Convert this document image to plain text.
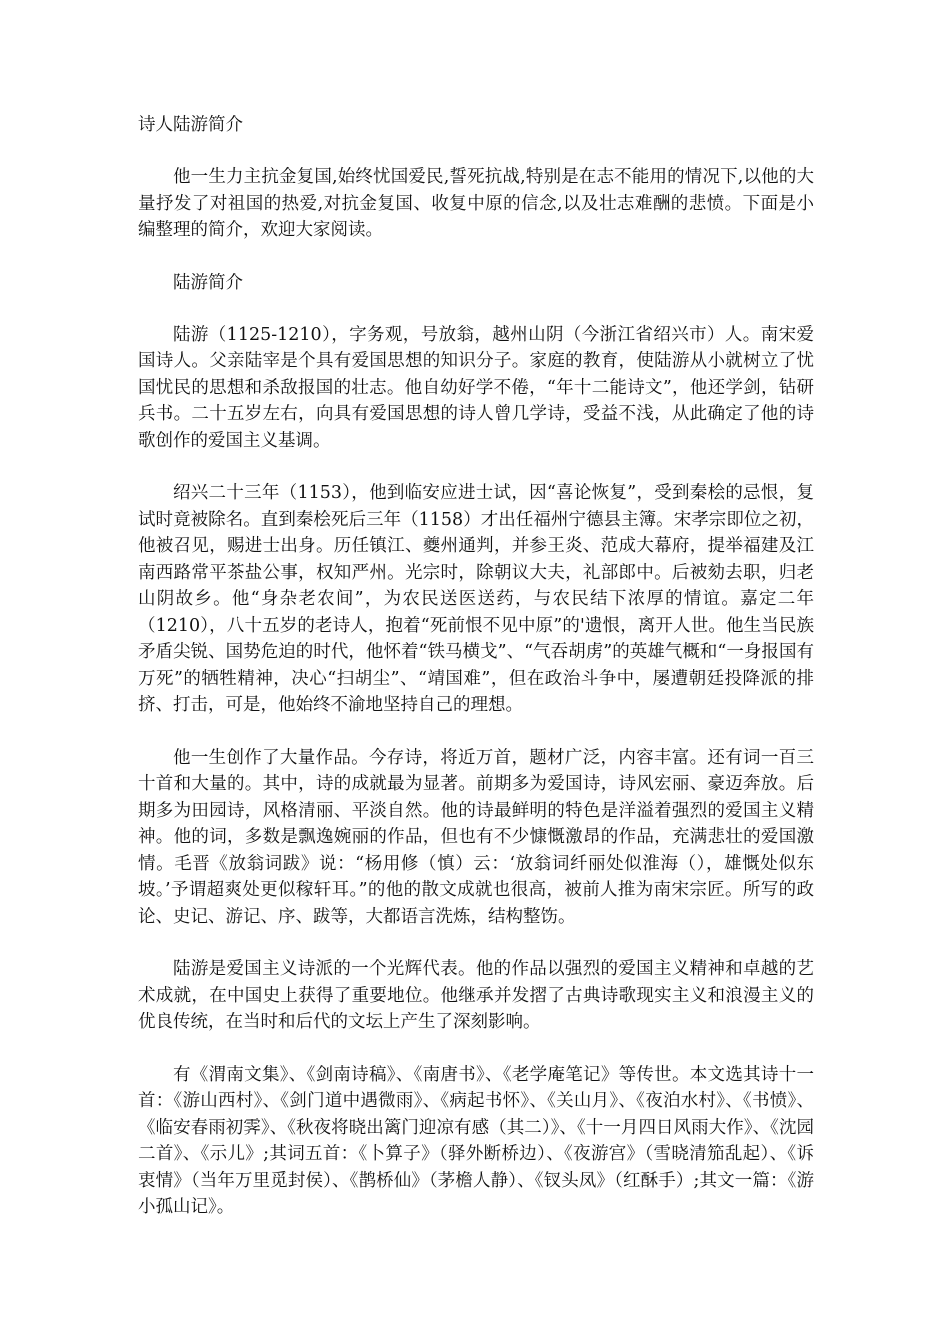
诗人陆游简介

他一生力主抗金复国,始终忧国爱民,誓死抗战,特别是在志不能用的情况下,以他的大量抒发了对祖国的热爱,对抗金复国、收复中原的信念,以及壮志难酬的悲愤。下面是小编整理的简介，欢迎大家阅读。

陆游简介

陆游（1125-1210），字务观，号放翁，越州山阴（今浙江省绍兴市）人。南宋爱国诗人。父亲陆宰是个具有爱国思想的知识分子。家庭的教育，使陆游从小就树立了忧国忧民的思想和杀敌报国的壮志。他自幼好学不倦，“年十二能诗文”，他还学剑，钻研兵书。二十五岁左右，向具有爱国思想的诗人曾几学诗，受益不浅，从此确定了他的诗歌创作的爱国主义基调。

绍兴二十三年（1153），他到临安应进士试，因“喜论恢复”，受到秦桧的忌恨，复试时竟被除名。直到秦桧死后三年（1158）才出任福州宁德县主簿。宋孝宗即位之初，他被召见，赐进士出身。历任镇江、夔州通判，并参王炎、范成大幕府，提举福建及江南西路常平茶盐公事，权知严州。光宗时，除朝议大夫，礼部郎中。后被劾去职，归老山阴故乡。他“身杂老农间”，为农民送医送药，与农民结下浓厚的情谊。嘉定二年（1210），八十五岁的老诗人，抱着“死前恨不见中原”的'遗恨，离开人世。他生当民族矛盾尖锐、国势危迫的时代，他怀着“铁马横戈”、“气吞胡虏”的英雄气概和“一身报国有万死”的牺牲精神，决心“扫胡尘”、“靖国难”，但在政治斗争中，屡遭朝廷投降派的排挤、打击，可是，他始终不渝地坚持自己的理想。

他一生创作了大量作品。今存诗，将近万首，题材广泛，内容丰富。还有词一百三十首和大量的。其中，诗的成就最为显著。前期多为爱国诗，诗风宏丽、豪迈奔放。后期多为田园诗，风格清丽、平淡自然。他的诗最鲜明的特色是洋溢着强烈的爱国主义精神。他的词，多数是飘逸婉丽的作品，但也有不少慷慨激昂的作品，充满悲壮的爱国激情。毛晋《放翁词跋》说：“杨用修（慎）云：‘放翁词纤丽处似淮海（），雄慨处似东坡。’予谓超爽处更似稼轩耳。”的他的散文成就也很高，被前人推为南宋宗匠。所写的政论、史记、游记、序、跋等，大都语言洗炼，结构整饬。

陆游是爱国主义诗派的一个光辉代表。他的作品以强烈的爱国主义精神和卓越的艺术成就，在中国史上获得了重要地位。他继承并发摺了古典诗歌现实主义和浪漫主义的优良传统，在当时和后代的文坛上产生了深刻影响。

有《渭南文集》、《剑南诗稿》、《南唐书》、《老学庵笔记》等传世。本文选其诗十一首：《游山西村》、《剑门道中遇微雨》、《病起书怀》、《关山月》、《夜泊水村》、《书愤》、《临安春雨初霁》、《秋夜将晓出篱门迎凉有感（其二）》、《十一月四日风雨大作》、《沈园二首》、《示儿》;其词五首：《卜算子》（驿外断桥边）、《夜游宫》（雪晓清笳乱起）、《诉衷情》（当年万里觅封侯）、《鹊桥仙》（茅檐人静）、《钗头凤》（红酥手）;其文一篇：《游小孤山记》。
